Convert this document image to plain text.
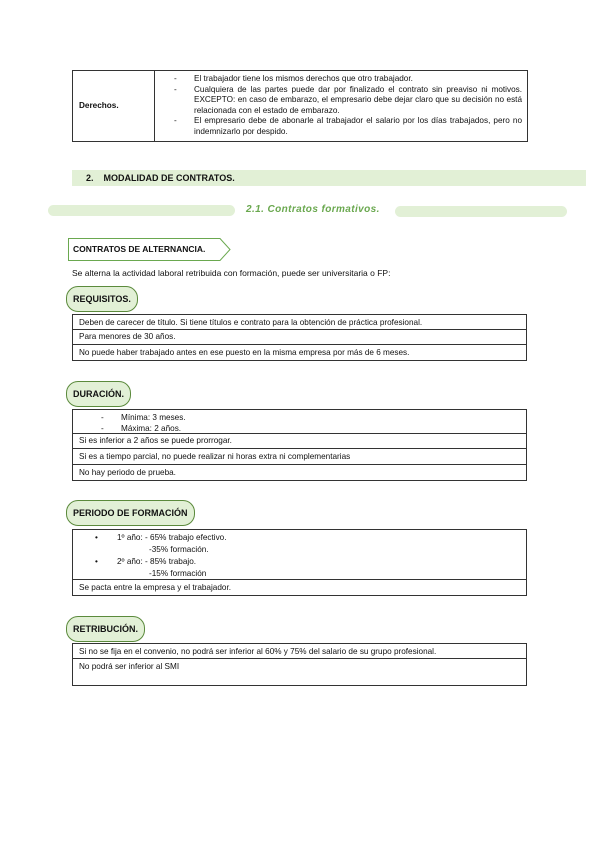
Derechos.	
- El trabajador tiene los mismos derechos que otro trabajador.
- Cualquiera de las partes puede dar por finalizado el contrato sin preaviso ni motivos. EXCEPTO: en caso de embarazo, el empresario debe dejar claro que su decisión no está relacionada con el estado de embarazo.
- El empresario debe de abonarle al trabajador el salario por los días trabajados, pero no indemnizarlo por despido.
2. MODALIDAD DE CONTRATOS.
2.1. Contratos formativos.
CONTRATOS DE ALTERNANCIA.
Se alterna la actividad laboral retribuida con formación, puede ser universitaria o FP:
REQUISITOS.
Deben de carecer de título. Si tiene títulos e contrato para la obtención de práctica profesional.
Para menores de 30 años.
No puede haber trabajado antes en ese puesto en la misma empresa por más de 6 meses.
DURACIÓN.
- Mínima: 3 meses.
- Máxima: 2 años.
Si es inferior a 2 años se puede prorrogar.
Si es a tiempo parcial, no puede realizar ni horas extra ni complementarias
No hay periodo de prueba.
PERIODO DE FORMACIÓN
• 1º año: - 65% trabajo efectivo.
-35% formación.
• 2º año: - 85% trabajo.
-15% formación
Se pacta entre la empresa y el trabajador.
RETRIBUCIÓN.
Si no se fija en el convenio, no podrá ser inferior al 60% y 75% del salario de su grupo profesional.
No podrá ser inferior al SMI
